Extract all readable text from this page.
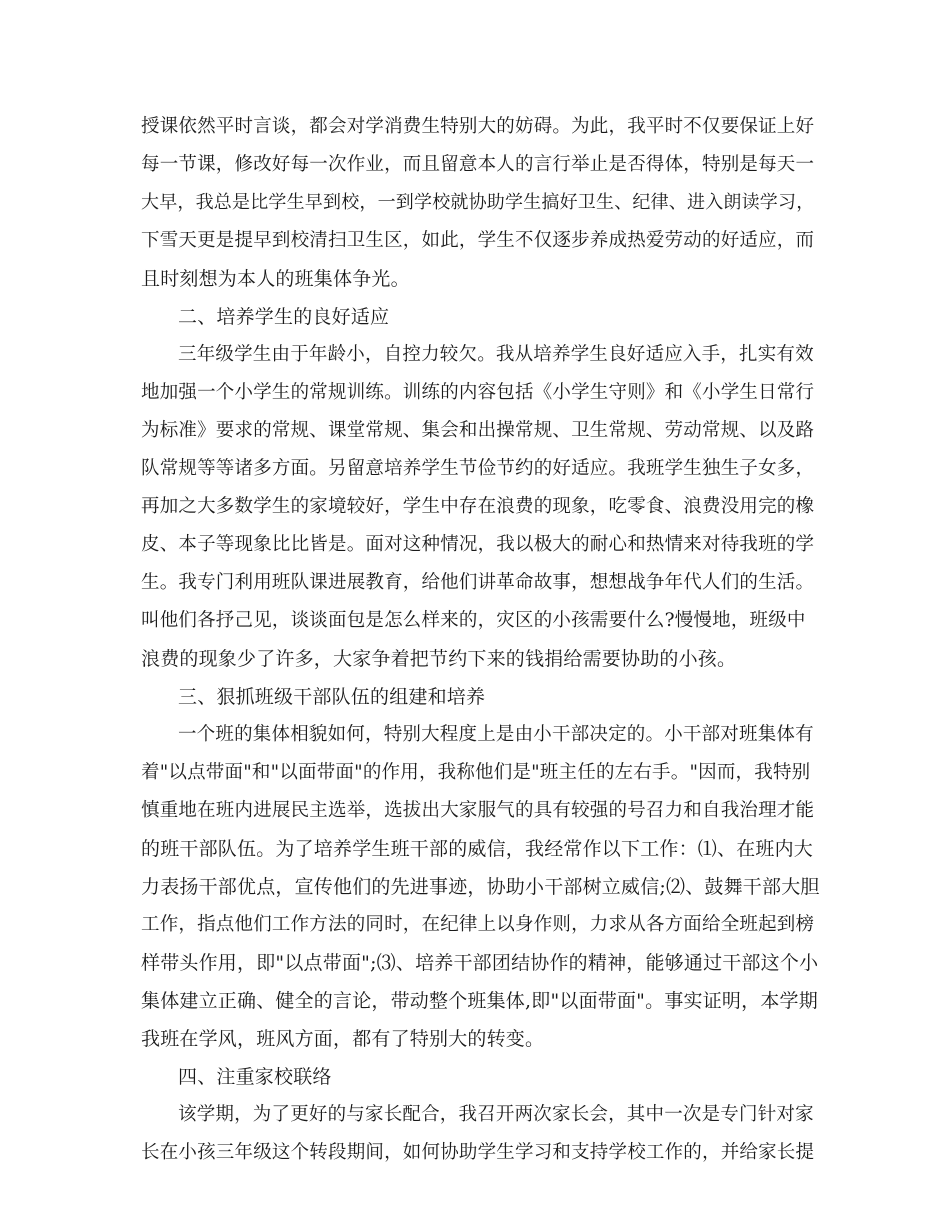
授课依然平时言谈，都会对学消费生特别大的妨碍。为此，我平时不仅要保证上好
每一节课，修改好每一次作业，而且留意本人的言行举止是否得体，特别是每天一
大早，我总是比学生早到校，一到学校就协助学生搞好卫生、纪律、进入朗读学习，
下雪天更是提早到校清扫卫生区，如此，学生不仅逐步养成热爱劳动的好适应，而
且时刻想为本人的班集体争光。
二、培养学生的良好适应
三年级学生由于年龄小，自控力较欠。我从培养学生良好适应入手，扎实有效
地加强一个小学生的常规训练。训练的内容包括《小学生守则》和《小学生日常行
为标准》要求的常规、课堂常规、集会和出操常规、卫生常规、劳动常规、以及路
队常规等等诸多方面。另留意培养学生节俭节约的好适应。我班学生独生子女多，
再加之大多数学生的家境较好，学生中存在浪费的现象，吃零食、浪费没用完的橡
皮、本子等现象比比皆是。面对这种情况，我以极大的耐心和热情来对待我班的学
生。我专门利用班队课进展教育，给他们讲革命故事，想想战争年代人们的生活。
叫他们各抒己见，谈谈面包是怎么样来的，灾区的小孩需要什么?慢慢地，班级中
浪费的现象少了许多，大家争着把节约下来的钱捐给需要协助的小孩。
三、狠抓班级干部队伍的组建和培养
一个班的集体相貌如何，特别大程度上是由小干部决定的。小干部对班集体有
着"以点带面"和"以面带面"的作用，我称他们是"班主任的左右手。"因而，我特别
慎重地在班内进展民主选举，选拔出大家服气的具有较强的号召力和自我治理才能
的班干部队伍。为了培养学生班干部的威信，我经常作以下工作：⑴、在班内大
力表扬干部优点，宣传他们的先进事迹，协助小干部树立威信;⑵、鼓舞干部大胆
工作，指点他们工作方法的同时，在纪律上以身作则，力求从各方面给全班起到榜
样带头作用，即"以点带面";⑶、培养干部团结协作的精神，能够通过干部这个小
集体建立正确、健全的言论，带动整个班集体,即"以面带面"。事实证明，本学期
我班在学风，班风方面，都有了特别大的转变。
四、注重家校联络
该学期，为了更好的与家长配合，我召开两次家长会，其中一次是专门针对家
长在小孩三年级这个转段期间，如何协助学生学习和支持学校工作的，并给家长提
